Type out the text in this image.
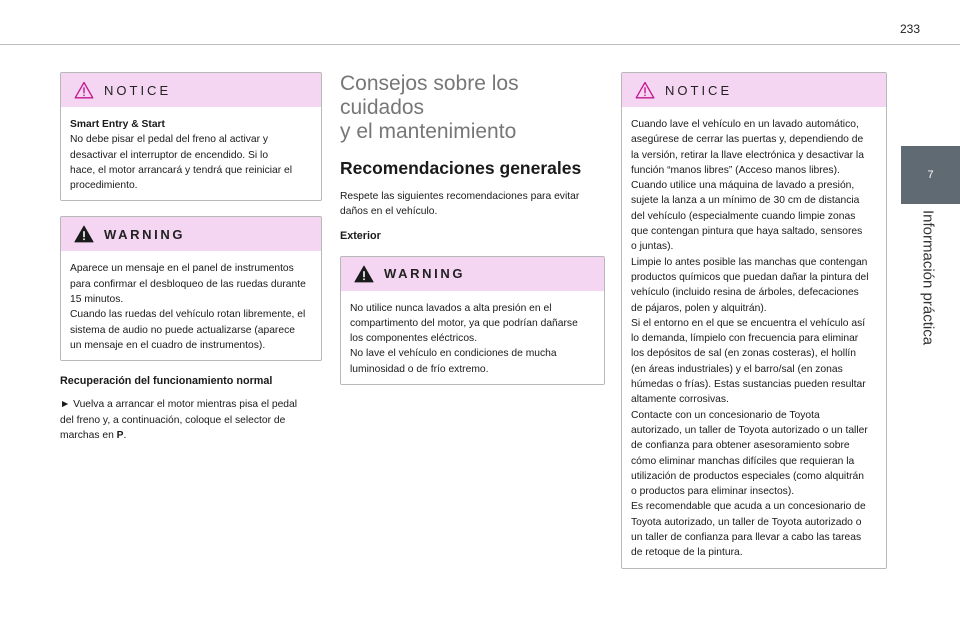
233
7
Información práctica
NOTICE

Smart Entry & Start

No debe pisar el pedal del freno al activar y

desactivar el interruptor de encendido. Si lo

hace, el motor arrancará y tendrá que reiniciar el

procedimiento.

WARNING

Aparece un mensaje en el panel de instrumentos

para confirmar el desbloqueo de las ruedas durante

15 minutos.

Cuando las ruedas del vehículo rotan libremente, el

sistema de audio no puede actualizarse (aparece

un mensaje en el cuadro de instrumentos).

Recuperación del funcionamiento normal

► Vuelva a arrancar el motor mientras pisa el pedal

del freno y, a continuación, coloque el selector de

marchas en P.

Consejos sobre los cuidados
y el mantenimiento
Recomendaciones generales

Respete las siguientes recomendaciones para evitar

daños en el vehículo.

Exterior

WARNING

No utilice nunca lavados a alta presión en el

compartimento del motor, ya que podrían dañarse

los componentes eléctricos.

No lave el vehículo en condiciones de mucha

luminosidad o de frío extremo.

NOTICE

Cuando lave el vehículo en un lavado automático,

asegúrese de cerrar las puertas y, dependiendo de

la versión, retirar la llave electrónica y desactivar la

función “manos libres” (Acceso manos libres).

Cuando utilice una máquina de lavado a presión,

sujete la lanza a un mínimo de 30 cm de distancia

del vehículo (especialmente cuando limpie zonas

que contengan pintura que haya saltado, sensores

o juntas).

Limpie lo antes posible las manchas que contengan

productos químicos que puedan dañar la pintura del

vehículo (incluido resina de árboles, defecaciones

de pájaros, polen y alquitrán).

Si el entorno en el que se encuentra el vehículo así

lo demanda, límpielo con frecuencia para eliminar

los depósitos de sal (en zonas costeras), el hollín

(en áreas industriales) y el barro/sal (en zonas

húmedas o frías). Estas sustancias pueden resultar

altamente corrosivas.

Contacte con un concesionario de Toyota

autorizado, un taller de Toyota autorizado o un taller

de confianza para obtener asesoramiento sobre

cómo eliminar manchas difíciles que requieran la

utilización de productos especiales (como alquitrán

o productos para eliminar insectos).

Es recomendable que acuda a un concesionario de

Toyota autorizado, un taller de Toyota autorizado o

un taller de confianza para llevar a cabo las tareas

de retoque de la pintura.
